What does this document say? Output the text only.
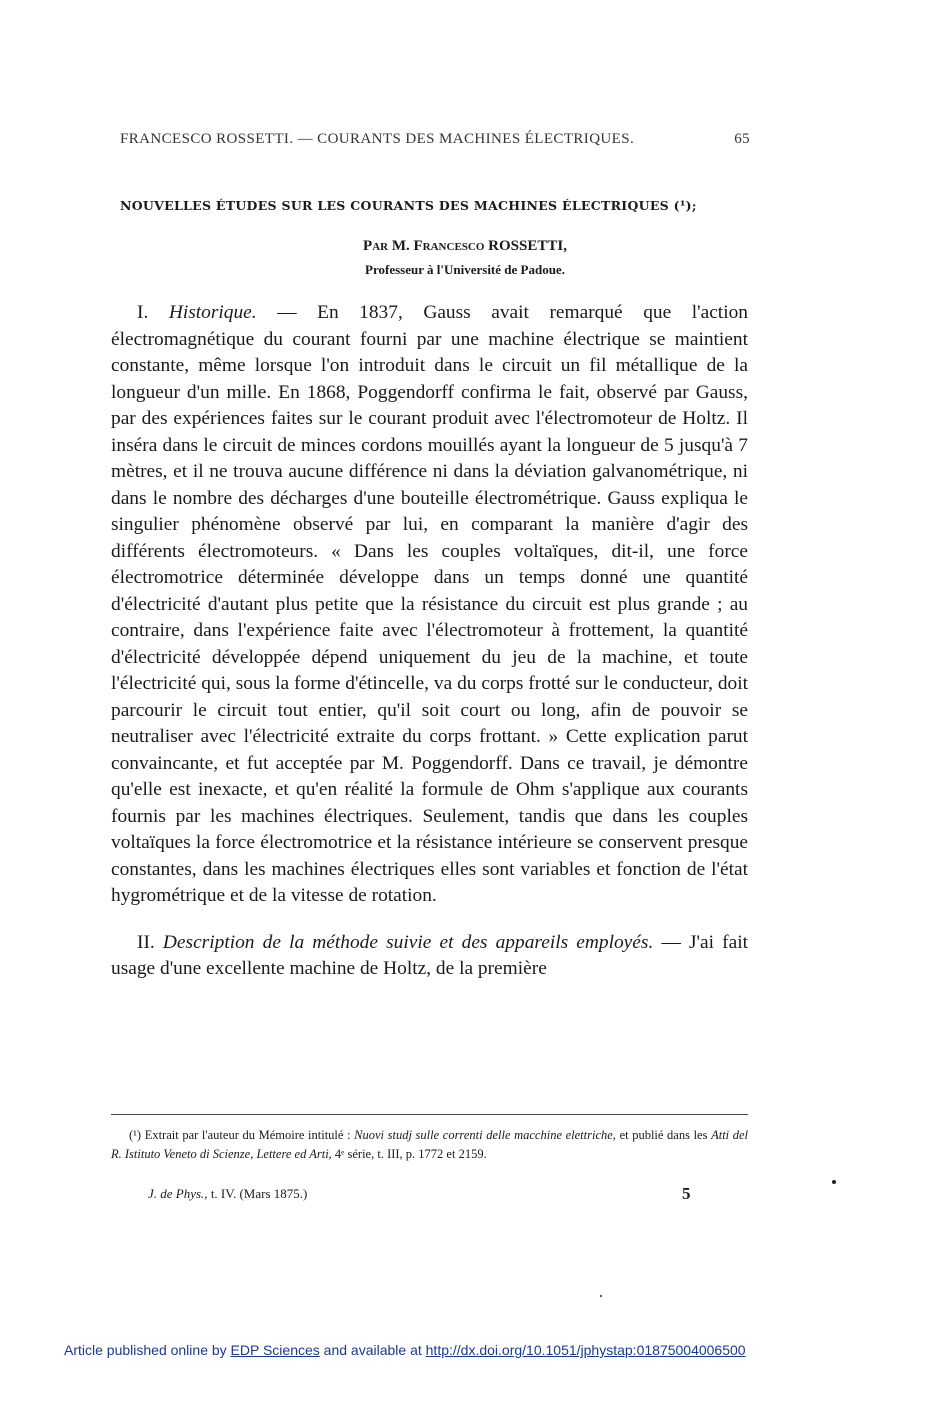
FRANCESCO ROSSETTI. — COURANTS DES MACHINES ÉLECTRIQUES.	65
NOUVELLES ÉTUDES SUR LES COURANTS DES MACHINES ÉLECTRIQUES (¹);
Par M. Francesco ROSSETTI,
Professeur à l'Université de Padoue.

I. Historique. — En 1837, Gauss avait remarqué que l'action électromagnétique du courant fourni par une machine électrique se maintient constante, même lorsque l'on introduit dans le circuit un fil métallique de la longueur d'un mille. En 1868, Poggendorff confirma le fait, observé par Gauss, par des expériences faites sur le courant produit avec l'électromoteur de Holtz. Il inséra dans le circuit de minces cordons mouillés ayant la longueur de 5 jusqu'à 7 mètres, et il ne trouva aucune différence ni dans la déviation galvanométrique, ni dans le nombre des décharges d'une bouteille électrométrique. Gauss expliqua le singulier phénomène observé par lui, en comparant la manière d'agir des différents électromoteurs. « Dans les couples voltaïques, dit-il, une force électromotrice déterminée développe dans un temps donné une quantité d'électricité d'autant plus petite que la résistance du circuit est plus grande ; au contraire, dans l'expérience faite avec l'électromoteur à frottement, la quantité d'électricité développée dépend uniquement du jeu de la machine, et toute l'électricité qui, sous la forme d'étincelle, va du corps frotté sur le conducteur, doit parcourir le circuit tout entier, qu'il soit court ou long, afin de pouvoir se neutraliser avec l'électricité extraite du corps frottant. » Cette explication parut convaincante, et fut acceptée par M. Poggendorff. Dans ce travail, je démontre qu'elle est inexacte, et qu'en réalité la formule de Ohm s'applique aux courants fournis par les machines électriques. Seulement, tandis que dans les couples voltaïques la force électromotrice et la résistance intérieure se conservent presque constantes, dans les machines électriques elles sont variables et fonction de l'état hygrométrique et de la vitesse de rotation.

II. Description de la méthode suivie et des appareils employés. — J'ai fait usage d'une excellente machine de Holtz, de la première

(¹) Extrait par l'auteur du Mémoire intitulé : Nuovi studj sulle correnti delle macchine elettriche, et publié dans les Atti del R. Istituto Veneto di Scienze, Lettere ed Arti, 4ᵉ série, t. III, p. 1772 et 2159.

J. de Phys., t. IV. (Mars 1875.)	5
Article published online by EDP Sciences and available at http://dx.doi.org/10.1051/jphystap:01875004006500
